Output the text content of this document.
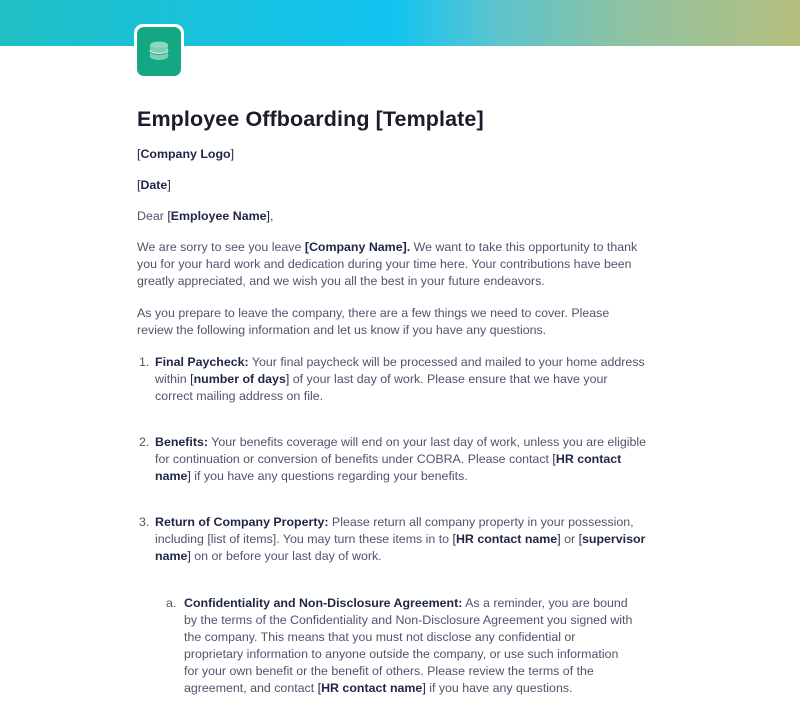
Employee Offboarding [Template]

[Company Logo]

[Date]

Dear [Employee Name],

We are sorry to see you leave [Company Name]. We want to take this opportunity to thank you for your hard work and dedication during your time here. Your contributions have been greatly appreciated, and we wish you all the best in your future endeavors.

As you prepare to leave the company, there are a few things we need to cover. Please review the following information and let us know if you have any questions.

1. Final Paycheck: Your final paycheck will be processed and mailed to your home address within [number of days] of your last day of work. Please ensure that we have your correct mailing address on file.
2. Benefits: Your benefits coverage will end on your last day of work, unless you are eligible for continuation or conversion of benefits under COBRA. Please contact [HR contact name] if you have any questions regarding your benefits.
3. Return of Company Property: Please return all company property in your possession, including [list of items]. You may turn these items in to [HR contact name] or [supervisor name] on or before your last day of work.
a. Confidentiality and Non-Disclosure Agreement: As a reminder, you are bound by the terms of the Confidentiality and Non-Disclosure Agreement you signed with the company. This means that you must not disclose any confidential or proprietary information to anyone outside the company, or use such information for your own benefit or the benefit of others. Please review the terms of the agreement, and contact [HR contact name] if you have any questions.
